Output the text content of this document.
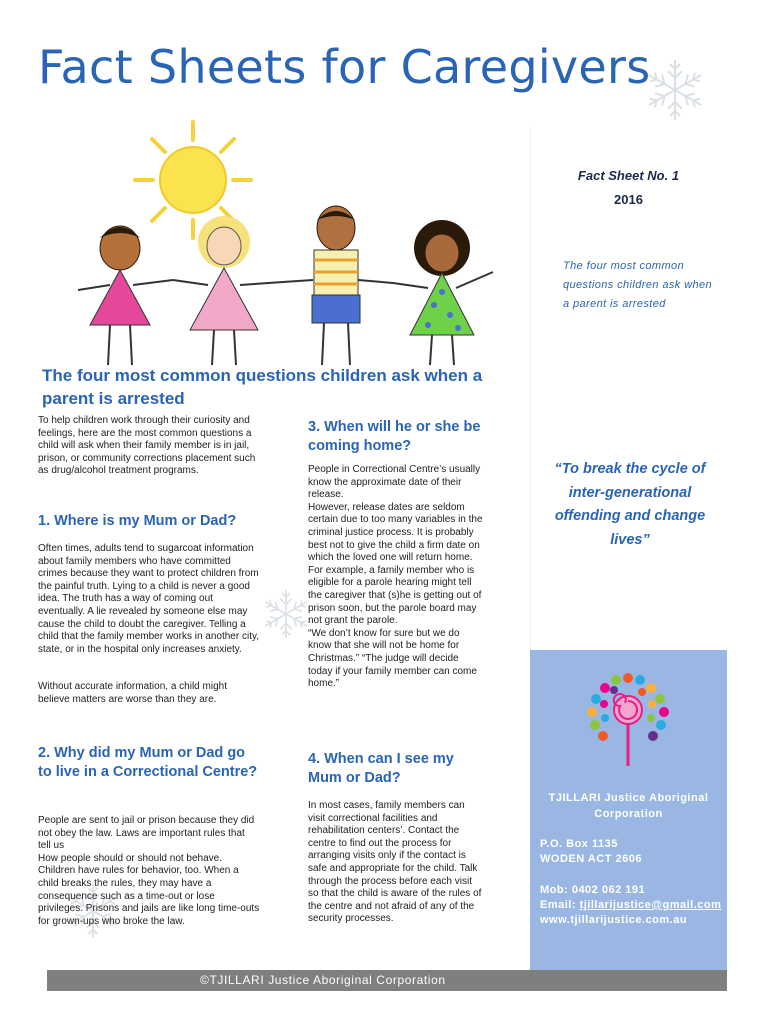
Fact Sheets for Caregivers
Fact Sheet No. 1
2016
The four most common questions children ask when a parent is arrested
“To break the cycle of inter-generational offending and change lives”
TJILLARI Justice Aboriginal Corporation
P.O. Box 1135
WODEN ACT 2606
Mob: 0402 062 191
Email: tjillarijustice@gmail.com
www.tjillarijustice.com.au
The four most common questions children ask when a parent is arrested

To help children work through their curiosity and feelings, here are the most common questions a child will ask when their family member is in jail, prison, or community corrections placement such as drug/alcohol treatment programs.

1. Where is my Mum or Dad?

Often times, adults tend to sugarcoat information about family members who have committed crimes because they want to protect children from the painful truth. Lying to a child is never a good idea. The truth has a way of coming out eventually. A lie revealed by someone else may cause the child to doubt the caregiver. Telling a child that the family member works in another city, state, or in the hospital only increases anxiety.

Without accurate information, a child might believe matters are worse than they are.

2. Why did my Mum or Dad go to live in a Correctional Centre?

People are sent to jail or prison because they did not obey the law. Laws are important rules that tell us
How people should or should not behave. Children have rules for behavior, too. When a child breaks the rules, they may have a consequence such as a time-out or lose privileges. Prisons and jails are like long time-outs for grown-ups who broke the law.

3. When will he or she be coming home?

People in Correctional Centre’s usually know the approximate date of their release.
However, release dates are seldom certain due to too many variables in the criminal justice process. It is probably best not to give the child a firm date on which the loved one will return home. For example, a family member who is eligible for a parole hearing might tell the caregiver that (s)he is getting out of prison soon, but the parole board may not grant the parole.
“We don’t know for sure but we do know that she will not be home for Christmas.” “The judge will decide today if your family member can come home.”

4. When can I see my Mum or Dad?

In most cases, family members can visit correctional facilities and rehabilitation centers’. Contact the centre to find out the process for arranging visits only if the contact is safe and appropriate for the child. Talk through the process before each visit so that the child is aware of the rules of the centre and not afraid of any of the security processes.

©TJILLARI Justice Aboriginal Corporation
